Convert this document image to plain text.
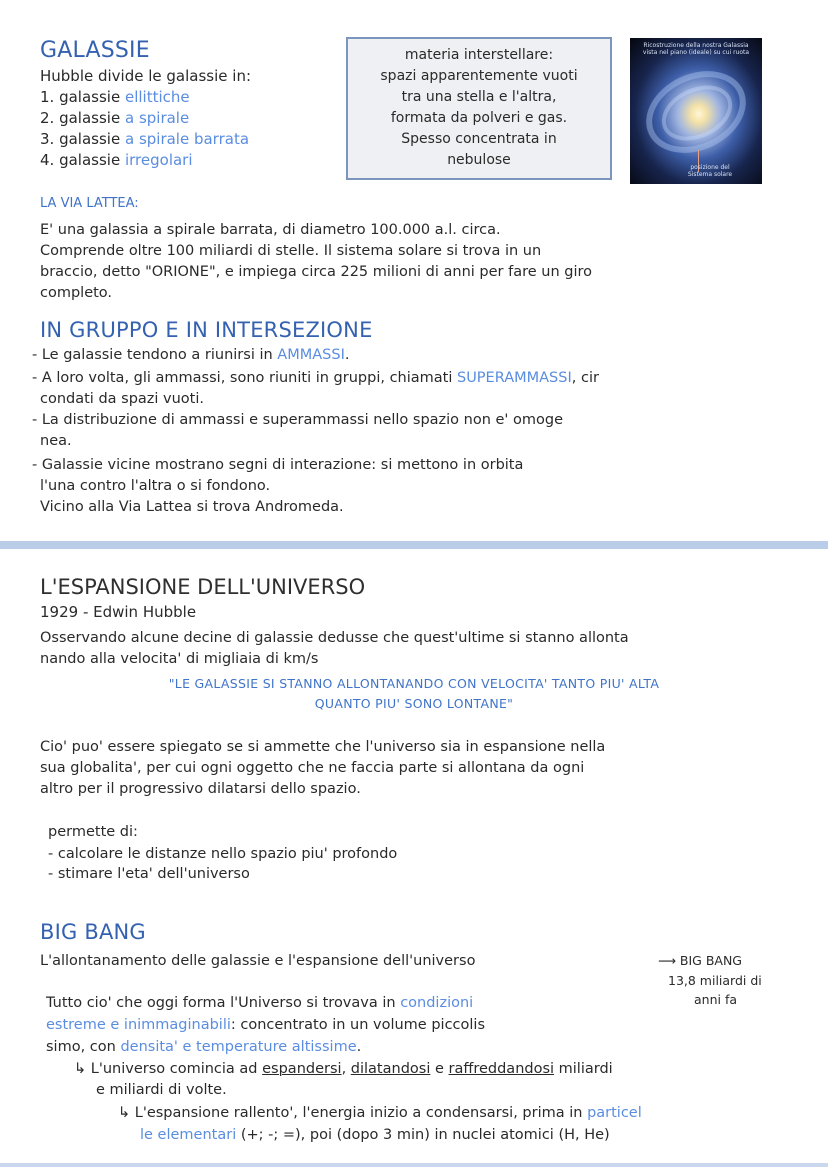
GALASSIE
Hubble divide le galassie in:
1. galassie ellittiche
2. galassie a spirale
3. galassie a spirale barrata
4. galassie irregolari
materia interstellare:
spazi apparentemente vuoti
tra una stella e l'altra,
formata da polveri e gas.
Spesso concentrata in
nebulose
Ricostruzione della nostra Galassia
vista nel piano (ideale) su cui ruota
posizione del
Sistema solare
LA VIA LATTEA:
E' una galassia a spirale barrata, di diametro 100.000 a.l. circa.
Comprende oltre 100 miliardi di stelle. Il sistema solare si trova in un
braccio, detto "ORIONE", e impiega circa 225 milioni di anni per fare un giro
completo.
IN GRUPPO E IN INTERSEZIONE
- Le galassie tendono a riunirsi in AMMASSI.
- A loro volta, gli ammassi, sono riuniti in gruppi, chiamati SUPERAMMASSI, cir
condati da spazi vuoti.
- La distribuzione di ammassi e superammassi nello spazio non e' omoge
nea.
- Galassie vicine mostrano segni di interazione: si mettono in orbita
l'una contro l'altra o si fondono.
Vicino alla Via Lattea si trova Andromeda.
L'ESPANSIONE DELL'UNIVERSO
1929 - Edwin Hubble
Osservando alcune decine di galassie dedusse che quest'ultime si stanno allonta
nando alla velocita' di migliaia di km/s
"LE GALASSIE SI STANNO ALLONTANANDO CON VELOCITA' TANTO PIU' ALTA
QUANTO PIU' SONO LONTANE"
Cio' puo' essere spiegato se si ammette che l'universo sia in espansione nella
sua globalita', per cui ogni oggetto che ne faccia parte si allontana da ogni
altro per il progressivo dilatarsi dello spazio.
permette di:
- calcolare le distanze nello spazio piu' profondo
- stimare l'eta' dell'universo
BIG BANG
L'allontanamento delle galassie e l'espansione dell'universo	⟶ BIG BANG
13,8 miliardi di
anni fa
Tutto cio' che oggi forma l'Universo si trovava in condizioni
estreme e inimmaginabili: concentrato in un volume piccolis
simo, con densita' e temperature altissime.
↳ L'universo comincia ad espandersi, dilatandosi e raffreddandosi miliardi
e miliardi di volte.
↳ L'espansione rallento', l'energia inizio a condensarsi, prima in particel
le elementari (+; -; =), poi (dopo 3 min) in nuclei atomici (H, He)
